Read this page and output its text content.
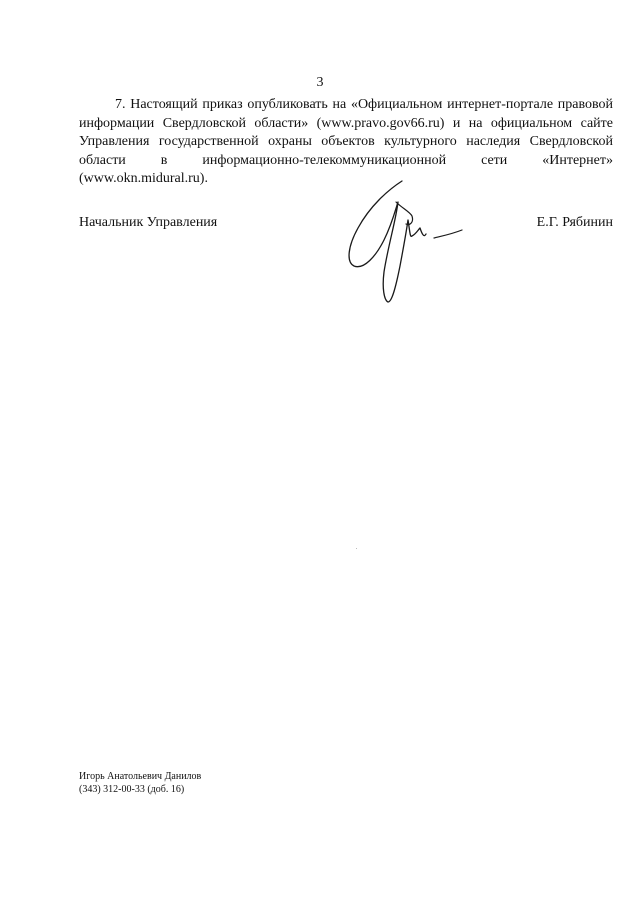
3

7. Настоящий приказ опубликовать на «Официальном интернет-портале правовой информации Свердловской области» (www.pravo.gov66.ru) и на официальном сайте Управления государственной охраны объектов культурного наследия Свердловской области в информационно-телекоммуникационной сети «Интернет» (www.okn.midural.ru).

Начальник Управления	Е.Г. Рябинин
Игорь Анатольевич Данилов
(343) 312-00-33 (доб. 16)
